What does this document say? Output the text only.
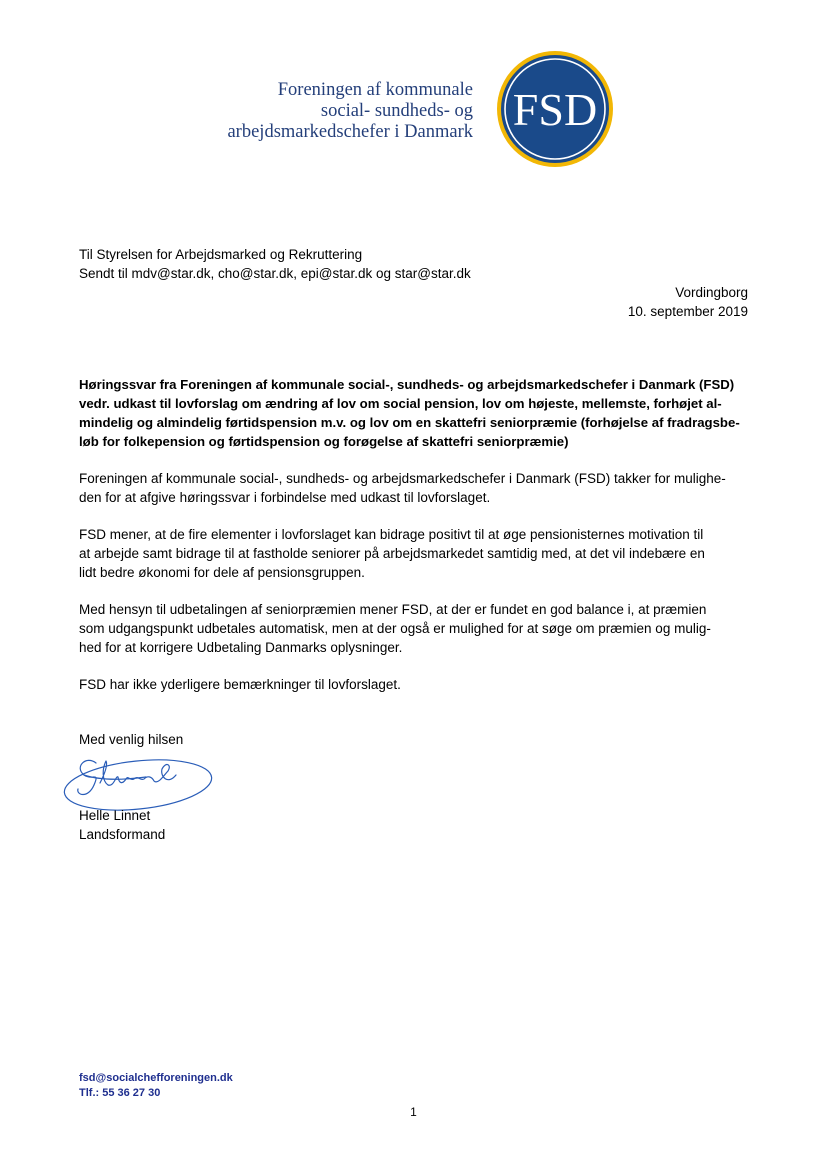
Foreningen af kommunale
social- sundheds- og
arbejdsmarkedschefer i Danmark FSD
Til Styrelsen for Arbejdsmarked og Rekruttering
Sendt til mdv@star.dk, cho@star.dk, epi@star.dk og star@star.dk
Vordingborg
10. september 2019
Høringssvar fra Foreningen af kommunale social-, sundheds- og arbejdsmarkedschefer i Danmark (FSD)
vedr. udkast til lovforslag om ændring af lov om social pension, lov om højeste, mellemste, forhøjet al-
mindelig og almindelig førtidspension m.v. og lov om en skattefri seniorpræmie (forhøjelse af fradragsbe-
løb for folkepension og førtidspension og forøgelse af skattefri seniorpræmie)
Foreningen af kommunale social-, sundheds- og arbejdsmarkedschefer i Danmark (FSD) takker for mulighe-
den for at afgive høringssvar i forbindelse med udkast til lovforslaget.
FSD mener, at de fire elementer i lovforslaget kan bidrage positivt til at øge pensionisternes motivation til
at arbejde samt bidrage til at fastholde seniorer på arbejdsmarkedet samtidig med, at det vil indebære en
lidt bedre økonomi for dele af pensionsgruppen.
Med hensyn til udbetalingen af seniorpræmien mener FSD, at der er fundet en god balance i, at præmien
som udgangspunkt udbetales automatisk, men at der også er mulighed for at søge om præmien og mulig-
hed for at korrigere Udbetaling Danmarks oplysninger.
FSD har ikke yderligere bemærkninger til lovforslaget.
Med venlig hilsen
Helle Linnet
Landsformand
fsd@socialchefforeningen.dk
Tlf.: 55 36 27 30
1
